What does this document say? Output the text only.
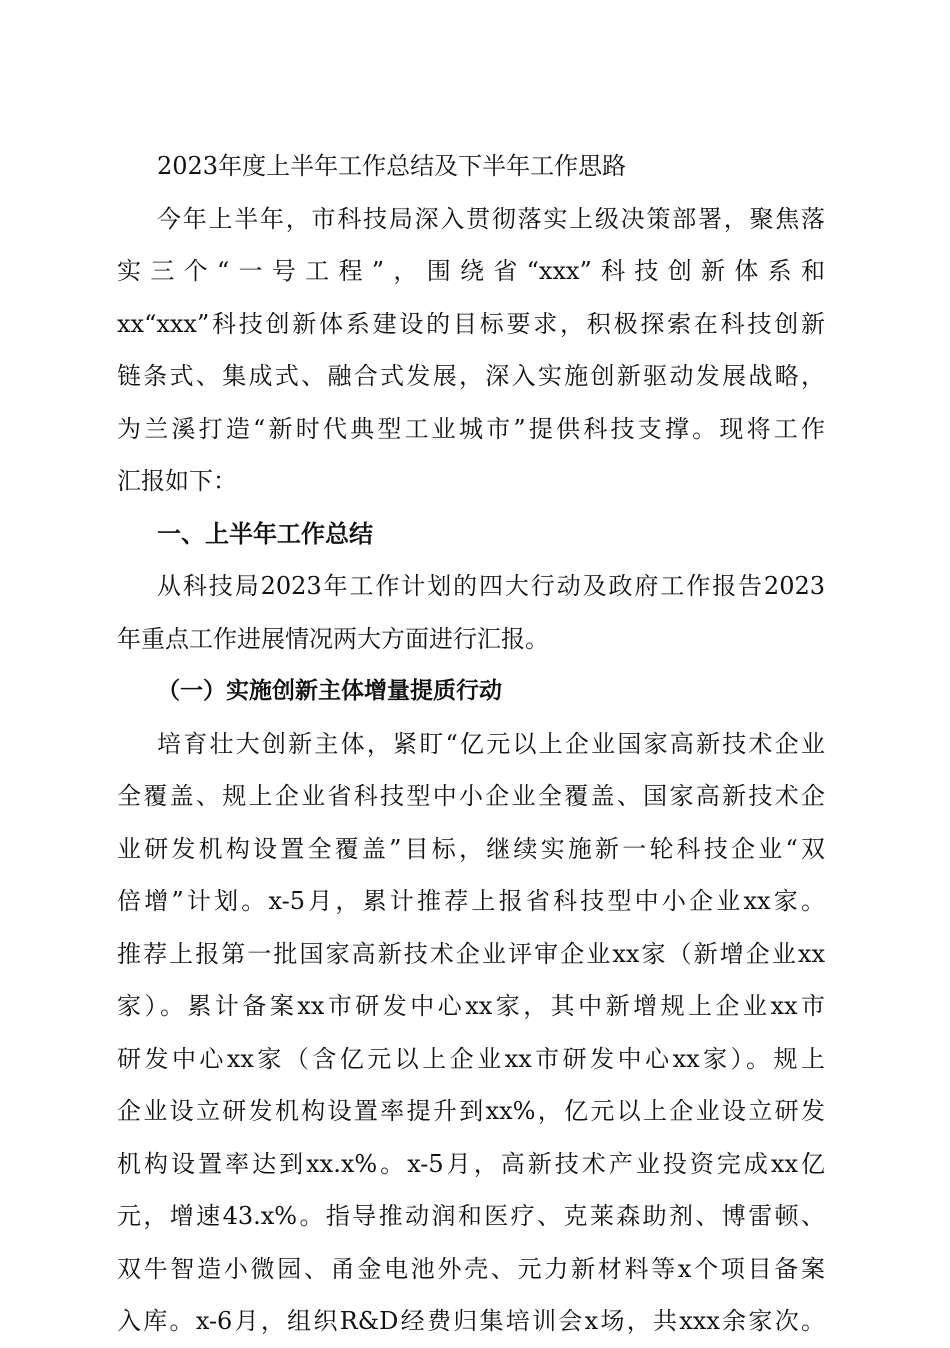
2023年度上半年工作总结及下半年工作思路
今年上半年，市科技局深入贯彻落实上级决策部署，聚焦落
实三个“一号工程”，围绕省“xxx”科技创新体系和
xx“xxx”科技创新体系建设的目标要求，积极探索在科技创新
链条式、集成式、融合式发展，深入实施创新驱动发展战略，
为兰溪打造“新时代典型工业城市”提供科技支撑。现将工作
汇报如下：
一、上半年工作总结
从科技局2023年工作计划的四大行动及政府工作报告2023
年重点工作进展情况两大方面进行汇报。
（一）实施创新主体增量提质行动
培育壮大创新主体，紧盯“亿元以上企业国家高新技术企业
全覆盖、规上企业省科技型中小企业全覆盖、国家高新技术企
业研发机构设置全覆盖”目标，继续实施新一轮科技企业“双
倍增”计划。x-5月，累计推荐上报省科技型中小企业xx家。
推荐上报第一批国家高新技术企业评审企业xx家（新增企业xx
家）。累计备案xx市研发中心xx家，其中新增规上企业xx市
研发中心xx家（含亿元以上企业xx市研发中心xx家）。规上
企业设立研发机构设置率提升到xx%，亿元以上企业设立研发
机构设置率达到xx.x%。x-5月，高新技术产业投资完成xx亿
元，增速43.x%。指导推动润和医疗、克莱森助剂、博雷顿、
双牛智造小微园、甬金电池外壳、元力新材料等x个项目备案
入库。x-6月，组织R&D经费归集培训会x场，共xxx余家次。
